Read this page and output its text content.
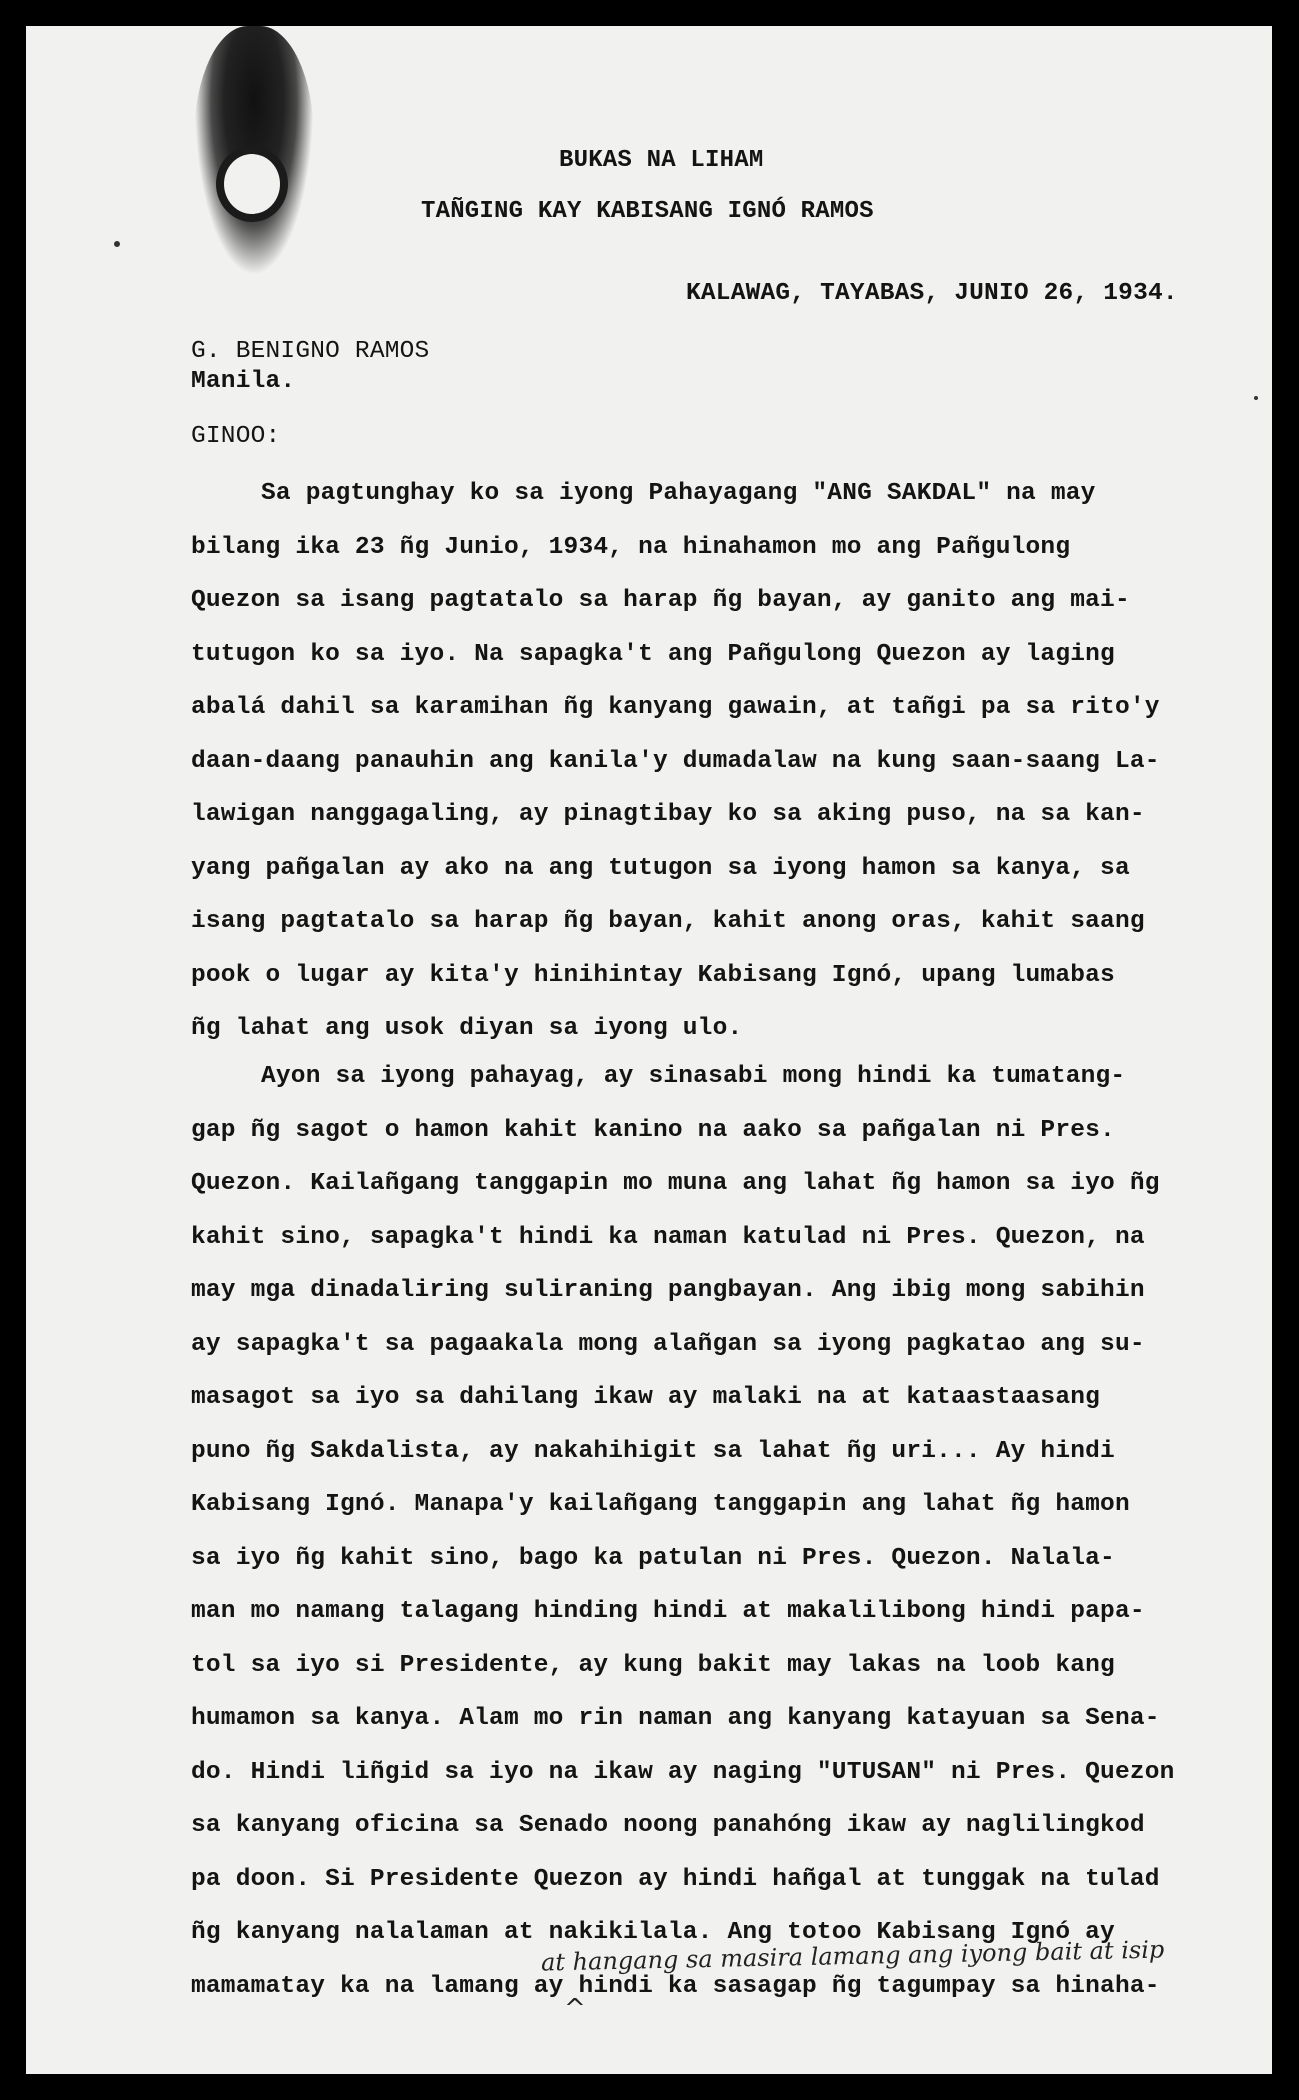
BUKAS NA LIHAM
TAÑGING KAY KABISANG IGNÓ RAMOS
KALAWAG, TAYABAS, JUNIO 26, 1934.
G. BENIGNO RAMOS
Manila.
GINOO:
Sa pagtunghay ko sa iyong Pahayagang "ANG SAKDAL" na may
bilang ika 23 ñg Junio, 1934, na hinahamon mo ang Pañgulong
Quezon sa isang pagtatalo sa harap ñg bayan, ay ganito ang mai-
tutugon ko sa iyo. Na sapagka't ang Pañgulong Quezon ay laging
abalá dahil sa karamihan ñg kanyang gawain, at tañgi pa sa rito'y
daan-daang panauhin ang kanila'y dumadalaw na kung saan-saang La-
lawigan nanggagaling, ay pinagtibay ko sa aking puso, na sa kan-
yang pañgalan ay ako na ang tutugon sa iyong hamon sa kanya, sa
isang pagtatalo sa harap ñg bayan, kahit anong oras, kahit saang
pook o lugar ay kita'y hinihintay Kabisang Ignó, upang lumabas
ñg lahat ang usok diyan sa iyong ulo.
Ayon sa iyong pahayag, ay sinasabi mong hindi ka tumatang-
gap ñg sagot o hamon kahit kanino na aako sa pañgalan ni Pres.
Quezon. Kailañgang tanggapin mo muna ang lahat ñg hamon sa iyo ñg
kahit sino, sapagka't hindi ka naman katulad ni Pres. Quezon, na
may mga dinadaliring suliraning pangbayan. Ang ibig mong sabihin
ay sapagka't sa pagaakala mong alañgan sa iyong pagkatao ang su-
masagot sa iyo sa dahilang ikaw ay malaki na at kataastaasang
puno ñg Sakdalista, ay nakahihigit sa lahat ñg uri... Ay hindi
Kabisang Ignó. Manapa'y kailañgang tanggapin ang lahat ñg hamon
sa iyo ñg kahit sino, bago ka patulan ni Pres. Quezon. Nalala-
man mo namang talagang hinding hindi at makalilibong hindi papa-
tol sa iyo si Presidente, ay kung bakit may lakas na loob kang
humamon sa kanya. Alam mo rin naman ang kanyang katayuan sa Sena-
do. Hindi liñgid sa iyo na ikaw ay naging "UTUSAN" ni Pres. Quezon
sa kanyang oficina sa Senado noong panahóng ikaw ay naglilingkod
pa doon. Si Presidente Quezon ay hindi hañgal at tunggak na tulad
ñg kanyang nalalaman at nakikilala. Ang totoo Kabisang Ignó ay
mamamatay ka na lamang ay hindi ka sasagap ñg tagumpay sa hinaha-
at hangang sa masira lamang ang iyong bait at isip
^
